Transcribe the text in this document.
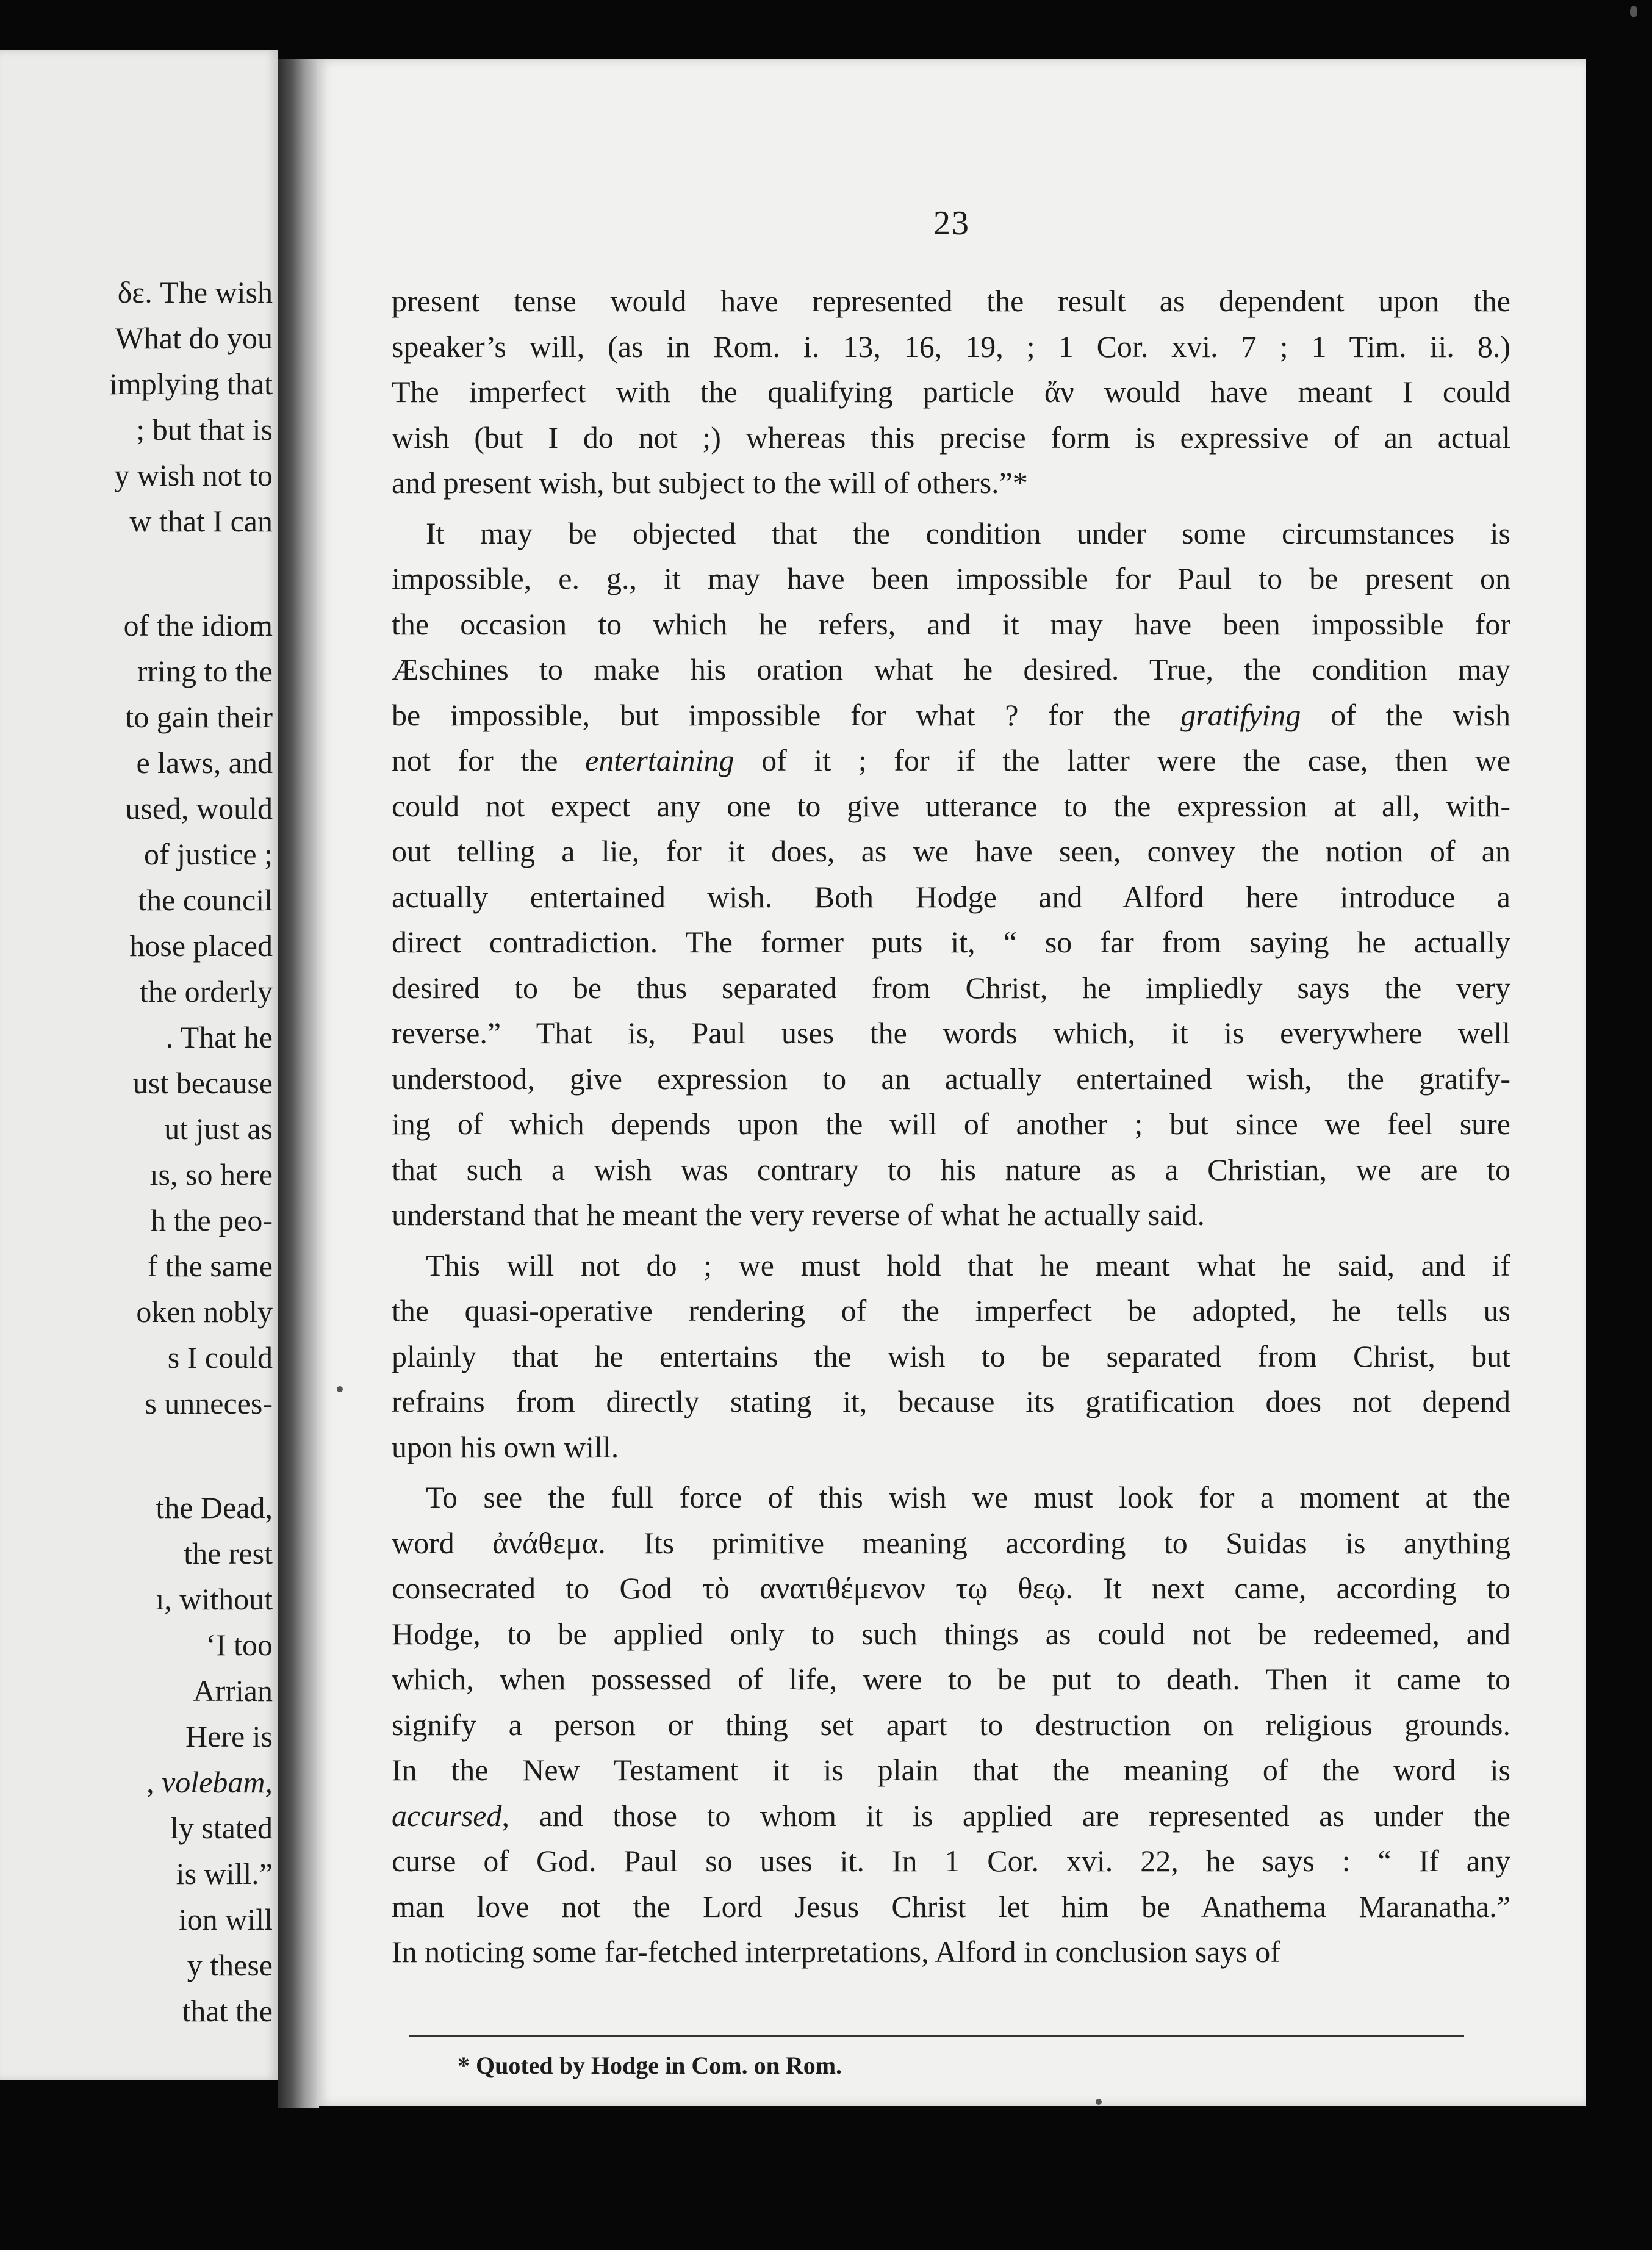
δε. The wish
What do you
implying that
; but that is
y wish not to
w that I can
of the idiom
rring to the
to gain their
e laws, and
used, would
of justice ;
the council
hose placed
the orderly
. That he
ust because
ut just as
ıs, so here
h the peo-
f the same
oken nobly
s I could
s unneces-
the Dead,
the rest
ı, without
‘I too
Arrian
Here is
, volebam,
ly stated
is will.”
ion will
y these
that the
23
present tense would have represented the result as dependent upon the
speaker’s will, (as in Rom. i. 13, 16, 19, ; 1 Cor. xvi. 7 ; 1 Tim. ii. 8.)
The imperfect with the qualifying particle ἄν would have meant I could
wish (but I do not ;) whereas this precise form is expressive of an actual
and present wish, but subject to the will of others.”*
It may be objected that the condition under some circumstances is
impossible, e. g., it may have been impossible for Paul to be present on
the occasion to which he refers, and it may have been impossible for
Æschines to make his oration what he desired. True, the condition may
be impossible, but impossible for what ? for the gratifying of the wish
not for the entertaining of it ; for if the latter were the case, then we
could not expect any one to give utterance to the expression at all, with-
out telling a lie, for it does, as we have seen, convey the notion of an
actually entertained wish. Both Hodge and Alford here introduce a
direct contradiction. The former puts it, “ so far from saying he actually
desired to be thus separated from Christ, he impliedly says the very
reverse.” That is, Paul uses the words which, it is everywhere well
understood, give expression to an actually entertained wish, the gratify-
ing of which depends upon the will of another ; but since we feel sure
that such a wish was contrary to his nature as a Christian, we are to
understand that he meant the very reverse of what he actually said.
This will not do ; we must hold that he meant what he said, and if
the quasi-operative rendering of the imperfect be adopted, he tells us
plainly that he entertains the wish to be separated from Christ, but
refrains from directly stating it, because its gratification does not depend
upon his own will.
To see the full force of this wish we must look for a moment at the
word ἀνάθεμα. Its primitive meaning according to Suidas is anything
consecrated to God τὸ ανατιθέμενον τῳ θεῳ. It next came, according to
Hodge, to be applied only to such things as could not be redeemed, and
which, when possessed of life, were to be put to death. Then it came to
signify a person or thing set apart to destruction on religious grounds.
In the New Testament it is plain that the meaning of the word is
accursed, and those to whom it is applied are represented as under the
curse of God. Paul so uses it. In 1 Cor. xvi. 22, he says : “ If any
man love not the Lord Jesus Christ let him be Anathema Maranatha.”
In noticing some far-fetched interpretations, Alford in conclusion says of
* Quoted by Hodge in Com. on Rom.
